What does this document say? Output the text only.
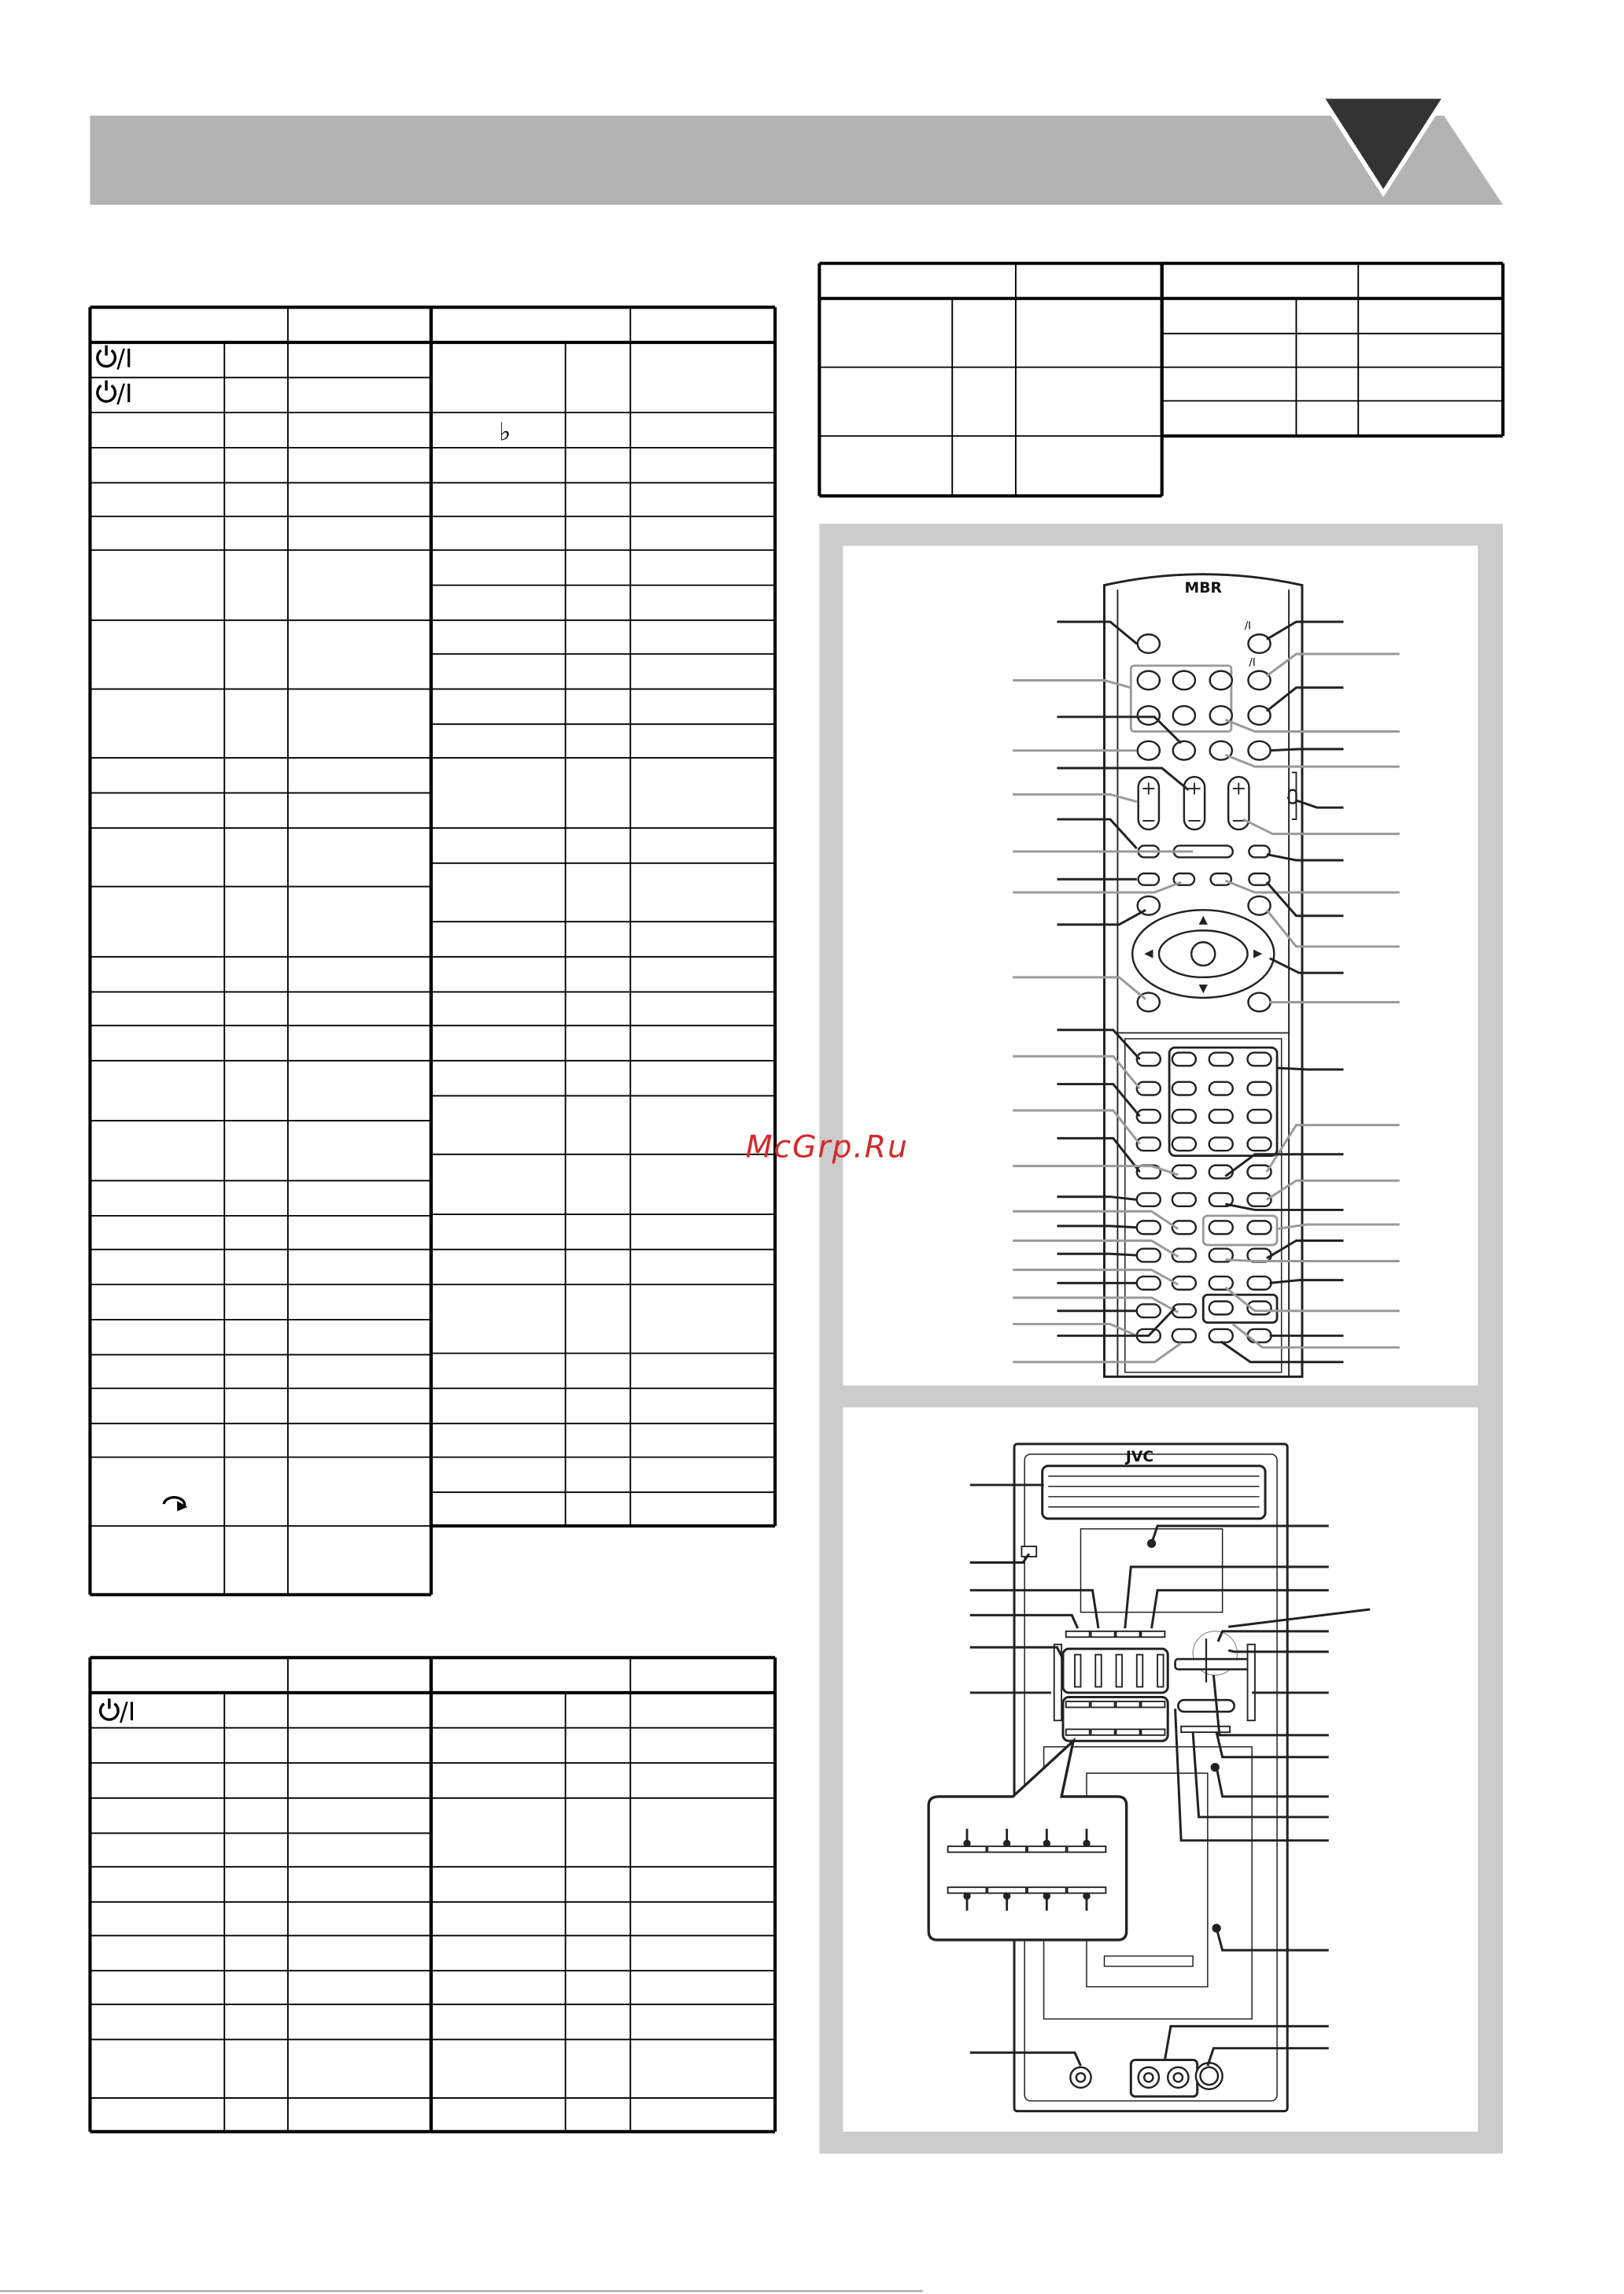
/I
/I
♭
/I
MBR
/I
/I
JVC
McGrp.Ru
